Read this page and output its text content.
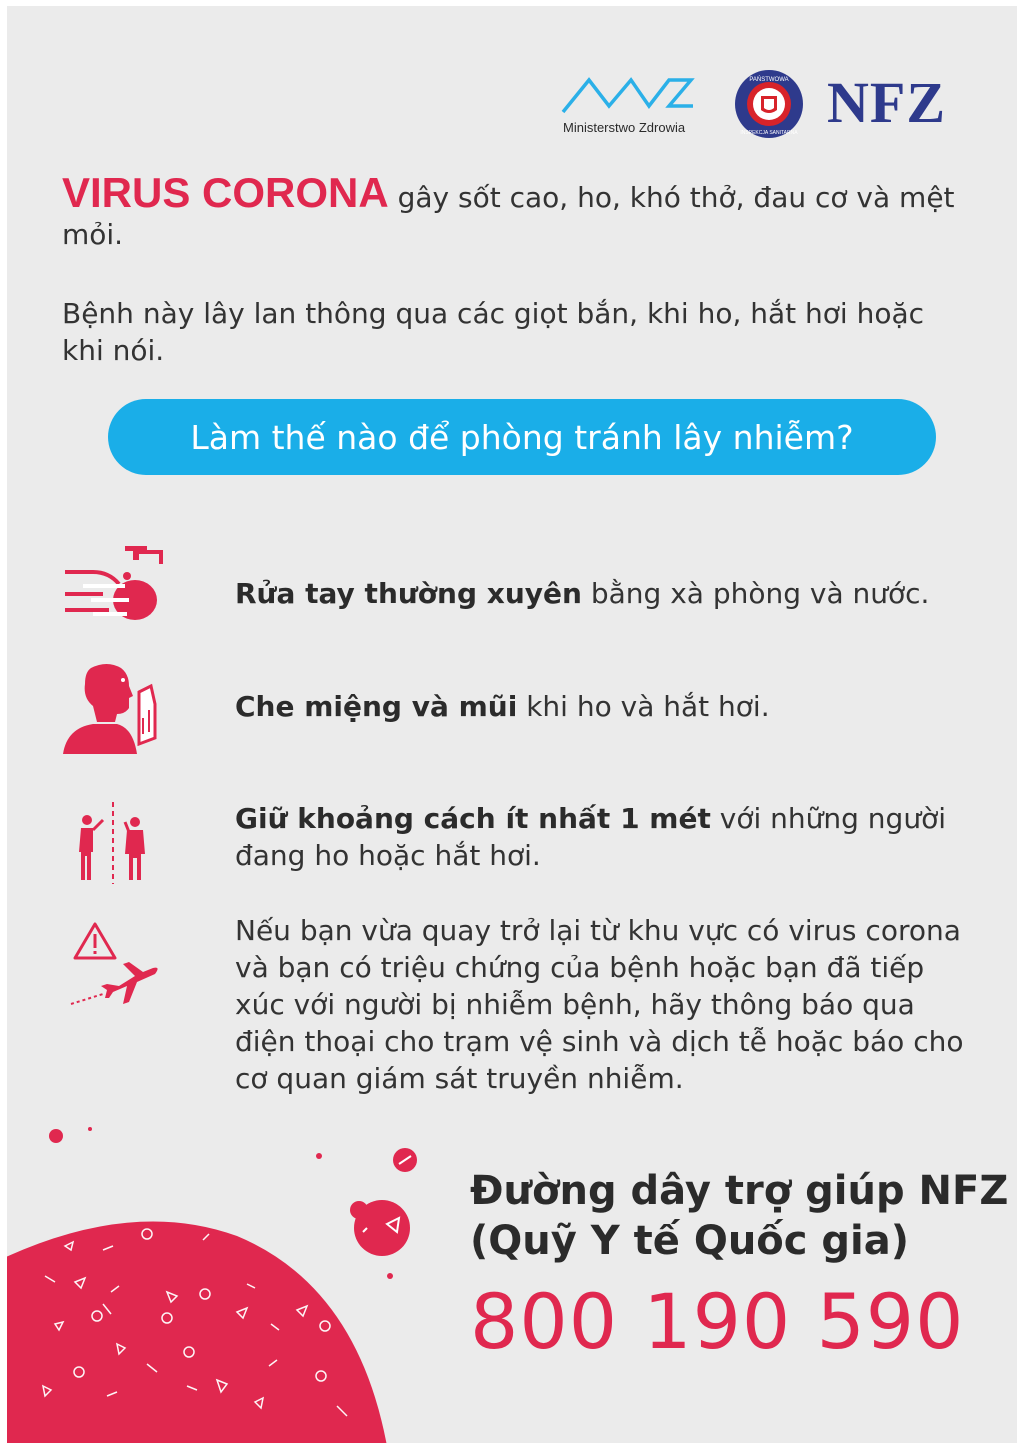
Ministerstwo Zdrowia
PAŃSTWOWA
INSPEKCJA SANITARNA NFZ
VIRUS CORONA gây sốt cao, ho, khó thở, đau cơ và mệt mỏi.
Bệnh này lây lan thông qua các giọt bắn, khi ho, hắt hơi hoặc khi nói.
Làm thế nào để phòng tránh lây nhiễm?
Rửa tay thường xuyên bằng xà phòng và nước.
Che miệng và mũi khi ho và hắt hơi.
Giữ khoảng cách ít nhất 1 mét với những người đang ho hoặc hắt hơi.
Nếu bạn vừa quay trở lại từ khu vực có virus corona và bạn có triệu chứng của bệnh hoặc bạn đã tiếp xúc với người bị nhiễm bệnh, hãy thông báo qua điện thoại cho trạm vệ sinh và dịch tễ hoặc báo cho cơ quan giám sát truyền nhiễm.
Đường dây trợ giúp NFZ
(Quỹ Y tế Quốc gia)
800 190 590
